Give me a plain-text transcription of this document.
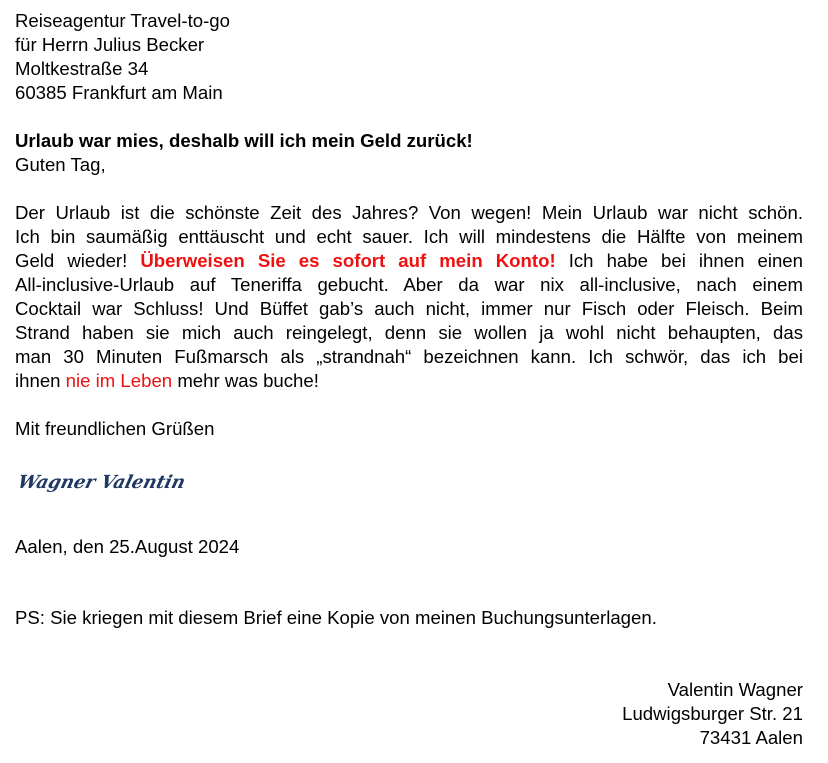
Reiseagentur Travel-to-go
für Herrn Julius Becker
Moltkestraße 34
60385 Frankfurt am Main
Urlaub war mies, deshalb will ich mein Geld zurück!
Guten Tag,
Der Urlaub ist die schönste Zeit des Jahres? Von wegen! Mein Urlaub war nicht schön.
Ich bin saumäßig enttäuscht und echt sauer. Ich will mindestens die Hälfte von meinem
Geld wieder! Überweisen Sie es sofort auf mein Konto! Ich habe bei ihnen einen
All-inclusive-Urlaub auf Teneriffa gebucht. Aber da war nix all-inclusive, nach einem
Cocktail war Schluss! Und Büffet gab’s auch nicht, immer nur Fisch oder Fleisch. Beim
Strand haben sie mich auch reingelegt, denn sie wollen ja wohl nicht behaupten, das
man 30 Minuten Fußmarsch als „strandnah“ bezeichnen kann. Ich schwör, das ich bei
ihnen nie im Leben mehr was buche!
Mit freundlichen Grüßen
Wagner Valentin
Aalen, den 25.August 2024
PS: Sie kriegen mit diesem Brief eine Kopie von meinen Buchungsunterlagen.
Valentin Wagner
Ludwigsburger Str. 21
73431 Aalen
